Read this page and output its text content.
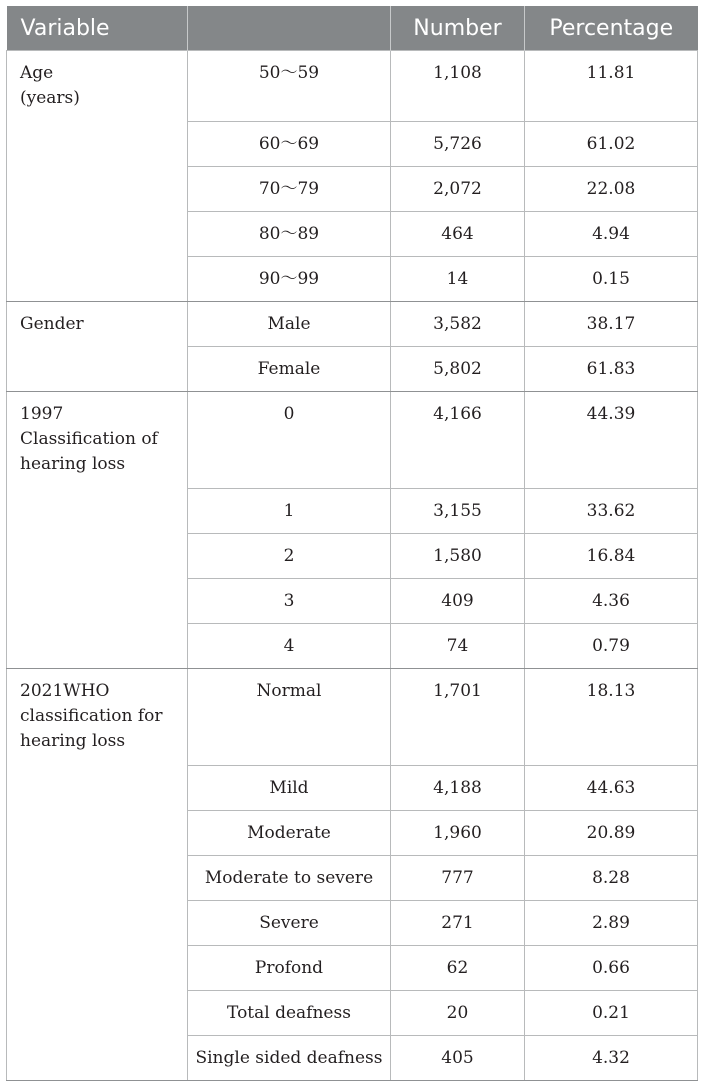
Variable		Number	Percentage
Age
(years)	50～59	1,108	11.81

	60～69	5,726	61.02

	70～79	2,072	22.08

	80～89	464	4.94

	90～99	14	0.15

Gender	Male	3,582	38.17

	Female	5,802	61.83

1997
Classification of
hearing loss	0	4,166	44.39

	1	3,155	33.62

	2	1,580	16.84

	3	409	4.36

	4	74	0.79

2021WHO
classification for
hearing loss	Normal	1,701	18.13

	Mild	4,188	44.63

	Moderate	1,960	20.89

	Moderate to severe	777	8.28

	Severe	271	2.89

	Profond	62	0.66

	Total deafness	20	0.21

	Single sided deafness	405	4.32
